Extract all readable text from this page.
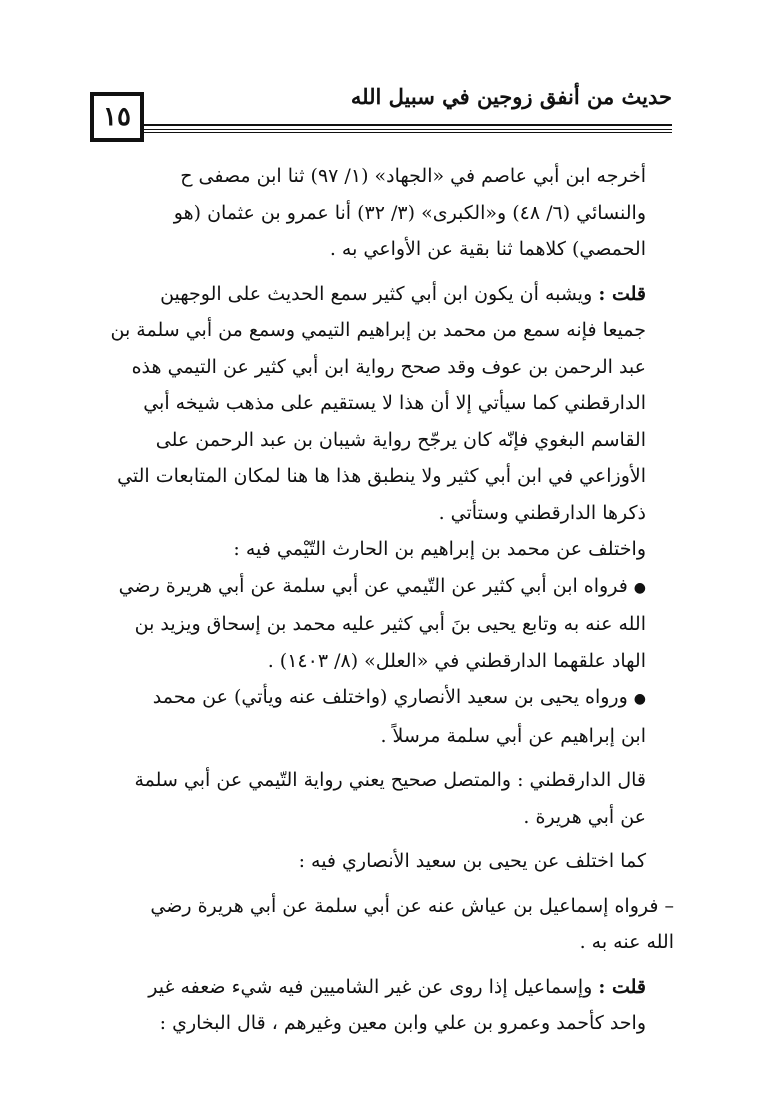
١٥
حديث من أنفق زوجين في سبيل الله

أخرجه ابن أبي عاصم في «الجهاد» (١/ ٩٧) ثنا ابن مصفى ح
والنسائي (٦/ ٤٨) و«الكبرى» (٣/ ٣٢) أنا عمرو بن عثمان (هو
الحمصي) كلاهما ثنا بقية عن الأواعي به .

قلت : ويشبه أن يكون ابن أبي كثير سمع الحديث على الوجهين
جميعا فإنه سمع من محمد بن إبراهيم التيمي وسمع من أبي سلمة بن
عبد الرحمن بن عوف وقد صحح رواية ابن أبي كثير عن التيمي هذه
الدارقطني كما سيأتي إلا أن هذا لا يستقيم على مذهب شيخه أبي
القاسم البغوي فإنّه كان يرجّح رواية شيبان بن عبد الرحمن على
الأوزاعي في ابن أبي كثير ولا ينطبق هذا ها هنا لمكان المتابعات التي
ذكرها الدارقطني وستأتي .

واختلف عن محمد بن إبراهيم بن الحارث التّيْمي فيه :

●فرواه ابن أبي كثير عن التّيمي عن أبي سلمة عن أبي هريرة رضي
الله عنه به وتابع يحيى بنَ أبي كثير عليه محمد بن إسحاق ويزيد بن
الهاد علقهما الدارقطني في «العلل» (٨/ ١٤٠٣) .

●ورواه يحيى بن سعيد الأنصاري (واختلف عنه ويأتي) عن محمد
ابن إبراهيم عن أبي سلمة مرسلاً .

قال الدارقطني : والمتصل صحيح يعني رواية التّيمي عن أبي سلمة
عن أبي هريرة .

كما اختلف عن يحيى بن سعيد الأنصاري فيه :

– فرواه إسماعيل بن عياش عنه عن أبي سلمة عن أبي هريرة رضي
الله عنه به .

قلت : وإسماعيل إذا روى عن غير الشاميين فيه شيء ضعفه غير
واحد كأحمد وعمرو بن علي وابن معين وغيرهم ، قال البخاري :
